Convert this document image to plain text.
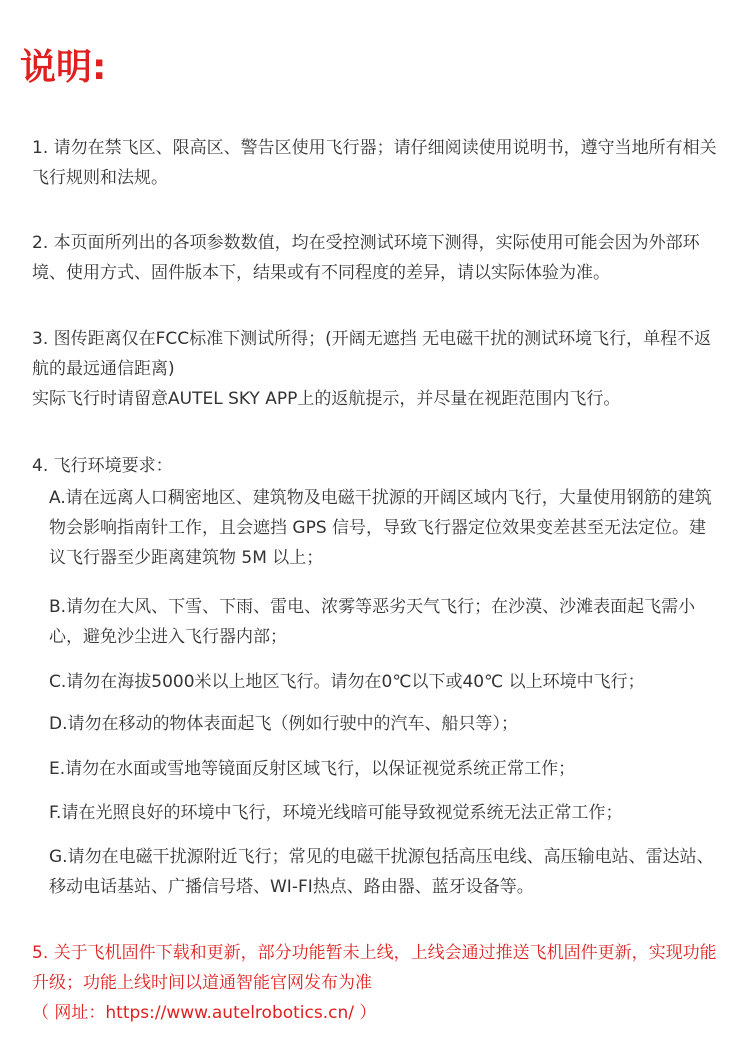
说明:

1. 请勿在禁飞区、限高区、警告区使用飞行器；请仔细阅读使用说明书，遵守当地所有相关飞行规则和法规。

2. 本页面所列出的各项参数数值，均在受控测试环境下测得，实际使用可能会因为外部环境、使用方式、固件版本下，结果或有不同程度的差异，请以实际体验为准。

3. 图传距离仅在FCC标准下测试所得；(开阔无遮挡 无电磁干扰的测试环境飞行，单程不返航的最远通信距离)

实际飞行时请留意AUTEL SKY APP上的返航提示，并尽量在视距范围内飞行。

4. 飞行环境要求：

A.请在远离人口稠密地区、建筑物及电磁干扰源的开阔区域内飞行，大量使用钢筋的建筑物会影响指南针工作，且会遮挡 GPS 信号，导致飞行器定位效果变差甚至无法定位。建议飞行器至少距离建筑物 5M 以上；

B.请勿在大风、下雪、下雨、雷电、浓雾等恶劣天气飞行；在沙漠、沙滩表面起飞需小心，避免沙尘进入飞行器内部；

C.请勿在海拔5000米以上地区飞行。请勿在0℃以下或40℃ 以上环境中飞行；

D.请勿在移动的物体表面起飞（例如行驶中的汽车、船只等）；

E.请勿在水面或雪地等镜面反射区域飞行，以保证视觉系统正常工作；

F.请在光照良好的环境中飞行，环境光线暗可能导致视觉系统无法正常工作；

G.请勿在电磁干扰源附近飞行；常见的电磁干扰源包括高压电线、高压输电站、雷达站、移动电话基站、广播信号塔、WI-FI热点、路由器、蓝牙设备等。

5. 关于飞机固件下载和更新，部分功能暂未上线，上线会通过推送飞机固件更新，实现功能升级；功能上线时间以道通智能官网发布为准

（ 网址：https://www.autelrobotics.cn/ ）
